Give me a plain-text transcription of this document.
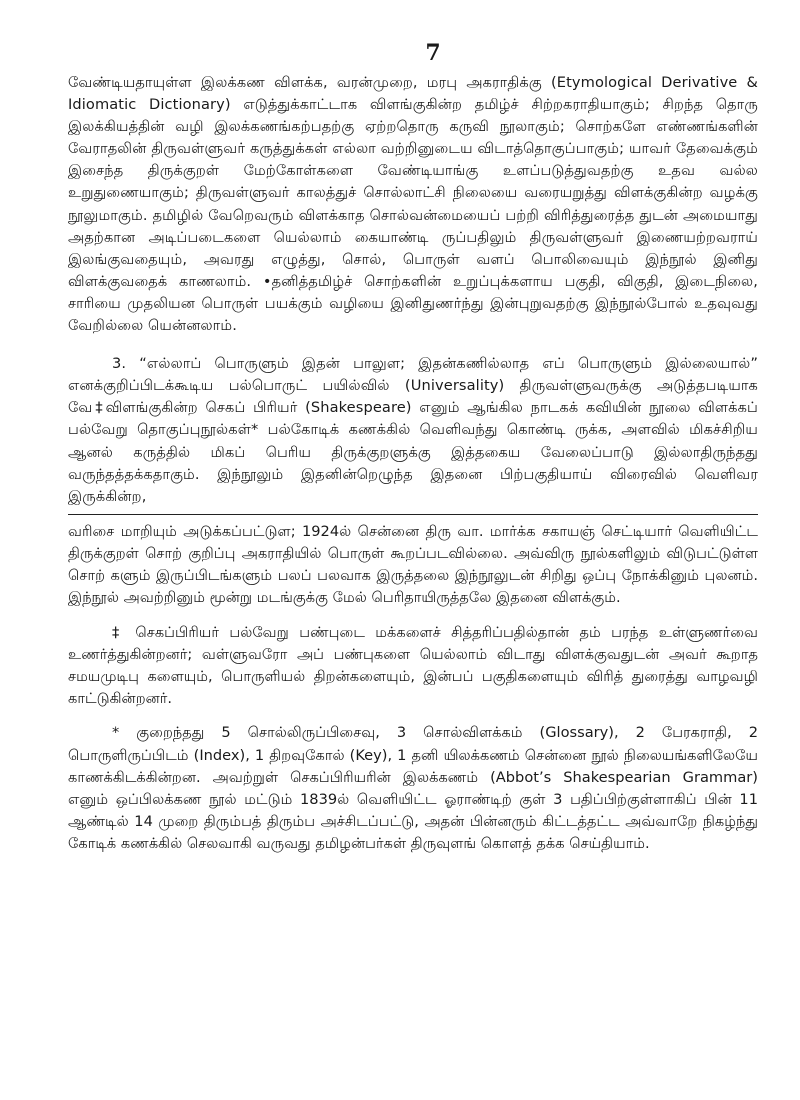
7

வேண்டியதாயுள்ள இலக்கண விளக்க, வரன்முறை, மரபு அகராதிக்கு (Etymological Derivative & Idiomatic Dictionary) எடுத்துக்காட்டாக விளங்குகின்ற தமிழ்ச் சிற்றகராதியாகும்; சிறந்த தொரு இலக்கியத்தின் வழி இலக்கணங்கற்பதற்கு ஏற்றதொரு கருவி நூலாகும்; சொற்களே எண்ணங்களின் வேராதலின் திருவள்ளுவர் கருத்துக்கள் எல்லா வற்றினுடைய விடாத்தொகுப்பாகும்; யாவர் தேவைக்கும் இசைந்த திருக்குறள் மேற்கோள்களை வேண்டியாங்கு உளப்படுத்துவதற்கு உதவ வல்ல உறுதுணையாகும்; திருவள்ளுவர் காலத்துச் சொல்லாட்சி நிலையை வரையறுத்து விளக்குகின்ற வழக்கு நூலுமாகும். தமிழில் வேறெவரும் விளக்காத சொல்வன்மையைப் பற்றி விரித்துரைத்த துடன் அமையாது அதற்கான அடிப்படைகளை யெல்லாம் கையாண்டி ருப்பதிலும் திருவள்ளுவர் இணையற்றவராய் இலங்குவதையும், அவரது எழுத்து, சொல், பொருள் வளப் பொலிவையும் இந்நூல் இனிது விளக்குவதைக் காணலாம். •தனித்தமிழ்ச் சொற்களின் உறுப்புக்களாய பகுதி, விகுதி, இடைநிலை, சாரியை முதலியன பொருள் பயக்கும் வழியை இனிதுணர்ந்து இன்புறுவதற்கு இந்நூல்போல் உதவுவது வேறில்லை யென்னலாம்.

3. “எல்லாப் பொருளும் இதன் பாலுள; இதன்கணில்லாத எப் பொருளும் இல்லையால்” எனக்குறிப்பிடக்கூடிய பல்பொருட் பயில்வில் (Universality) திருவள்ளுவருக்கு அடுத்தபடியாக வே‡விளங்குகின்ற செகப் பிரியர் (Shakespeare) எனும் ஆங்கில நாடகக் கவியின் நூலை விளக்கப் பல்வேறு தொகுப்புநூல்கள்* பல்கோடிக் கணக்கில் வெளிவந்து கொண்டி ருக்க, அளவில் மிகச்சிறிய ஆனல் கருத்தில் மிகப் பெரிய திருக்குறளுக்கு இத்தகைய வேலைப்பாடு இல்லாதிருந்தது வருந்தத்தக்கதாகும். இந்நூலும் இதனின்றெழுந்த இதனை பிற்பகுதியாய் விரைவில் வெளிவர இருக்கின்ற,

வரிசை மாறியும் அடுக்கப்பட்டுள; 1924ல் சென்னை திரு வா. மார்க்க சகாயஞ் செட்டியார் வெளியிட்ட திருக்குறள் சொற் குறிப்பு அகராதியில் பொருள் கூறப்படவில்லை. அவ்விரு நூல்களிலும் விடுபட்டுள்ள சொற் களும் இருப்பிடங்களும் பலப் பலவாக இருத்தலை இந்நூலுடன் சிறிது ஒப்பு நோக்கினும் புலனம். இந்நூல் அவற்றினும் மூன்று மடங்குக்கு மேல் பெரிதாயிருத்தலே இதனை விளக்கும்.

‡ செகப்பிரியர் பல்வேறு பண்புடை மக்களைச் சித்தரிப்பதில்தான் தம் பரந்த உள்ளுணர்வை உணர்த்துகின்றனர்; வள்ளுவரோ அப் பண்புகளை யெல்லாம் விடாது விளக்குவதுடன் அவர் கூறாத சமயமுடிபு களையும், பொருளியல் திறன்களையும், இன்பப் பகுதிகளையும் விரித் துரைத்து வாழவழி காட்டுகின்றனர்.

* குறைந்தது 5 சொல்லிருப்பிசைவு, 3 சொல்விளக்கம் (Glossary), 2 பேரகராதி, 2 பொருளிருப்பிடம் (Index), 1 திறவுகோல் (Key), 1 தனி யிலக்கணம் சென்னை நூல் நிலையங்களிலேயே காணக்கிடக்கின்றன. அவற்றுள் செகப்பிரியரின் இலக்கணம் (Abbot’s Shakespearian Grammar) எனும் ஒப்பிலக்கண நூல் மட்டும் 1839ல் வெளியிட்ட ஓராண்டிற் குள் 3 பதிப்பிற்குள்ளாகிப் பின் 11 ஆண்டில் 14 முறை திரும்பத் திரும்ப அச்சிடப்பட்டு, அதன் பின்னரும் கிட்டத்தட்ட அவ்வாறே நிகழ்ந்து கோடிக் கணக்கில் செலவாகி வருவது தமிழன்பர்கள் திருவுளங் கொளத் தக்க செய்தியாம்.
